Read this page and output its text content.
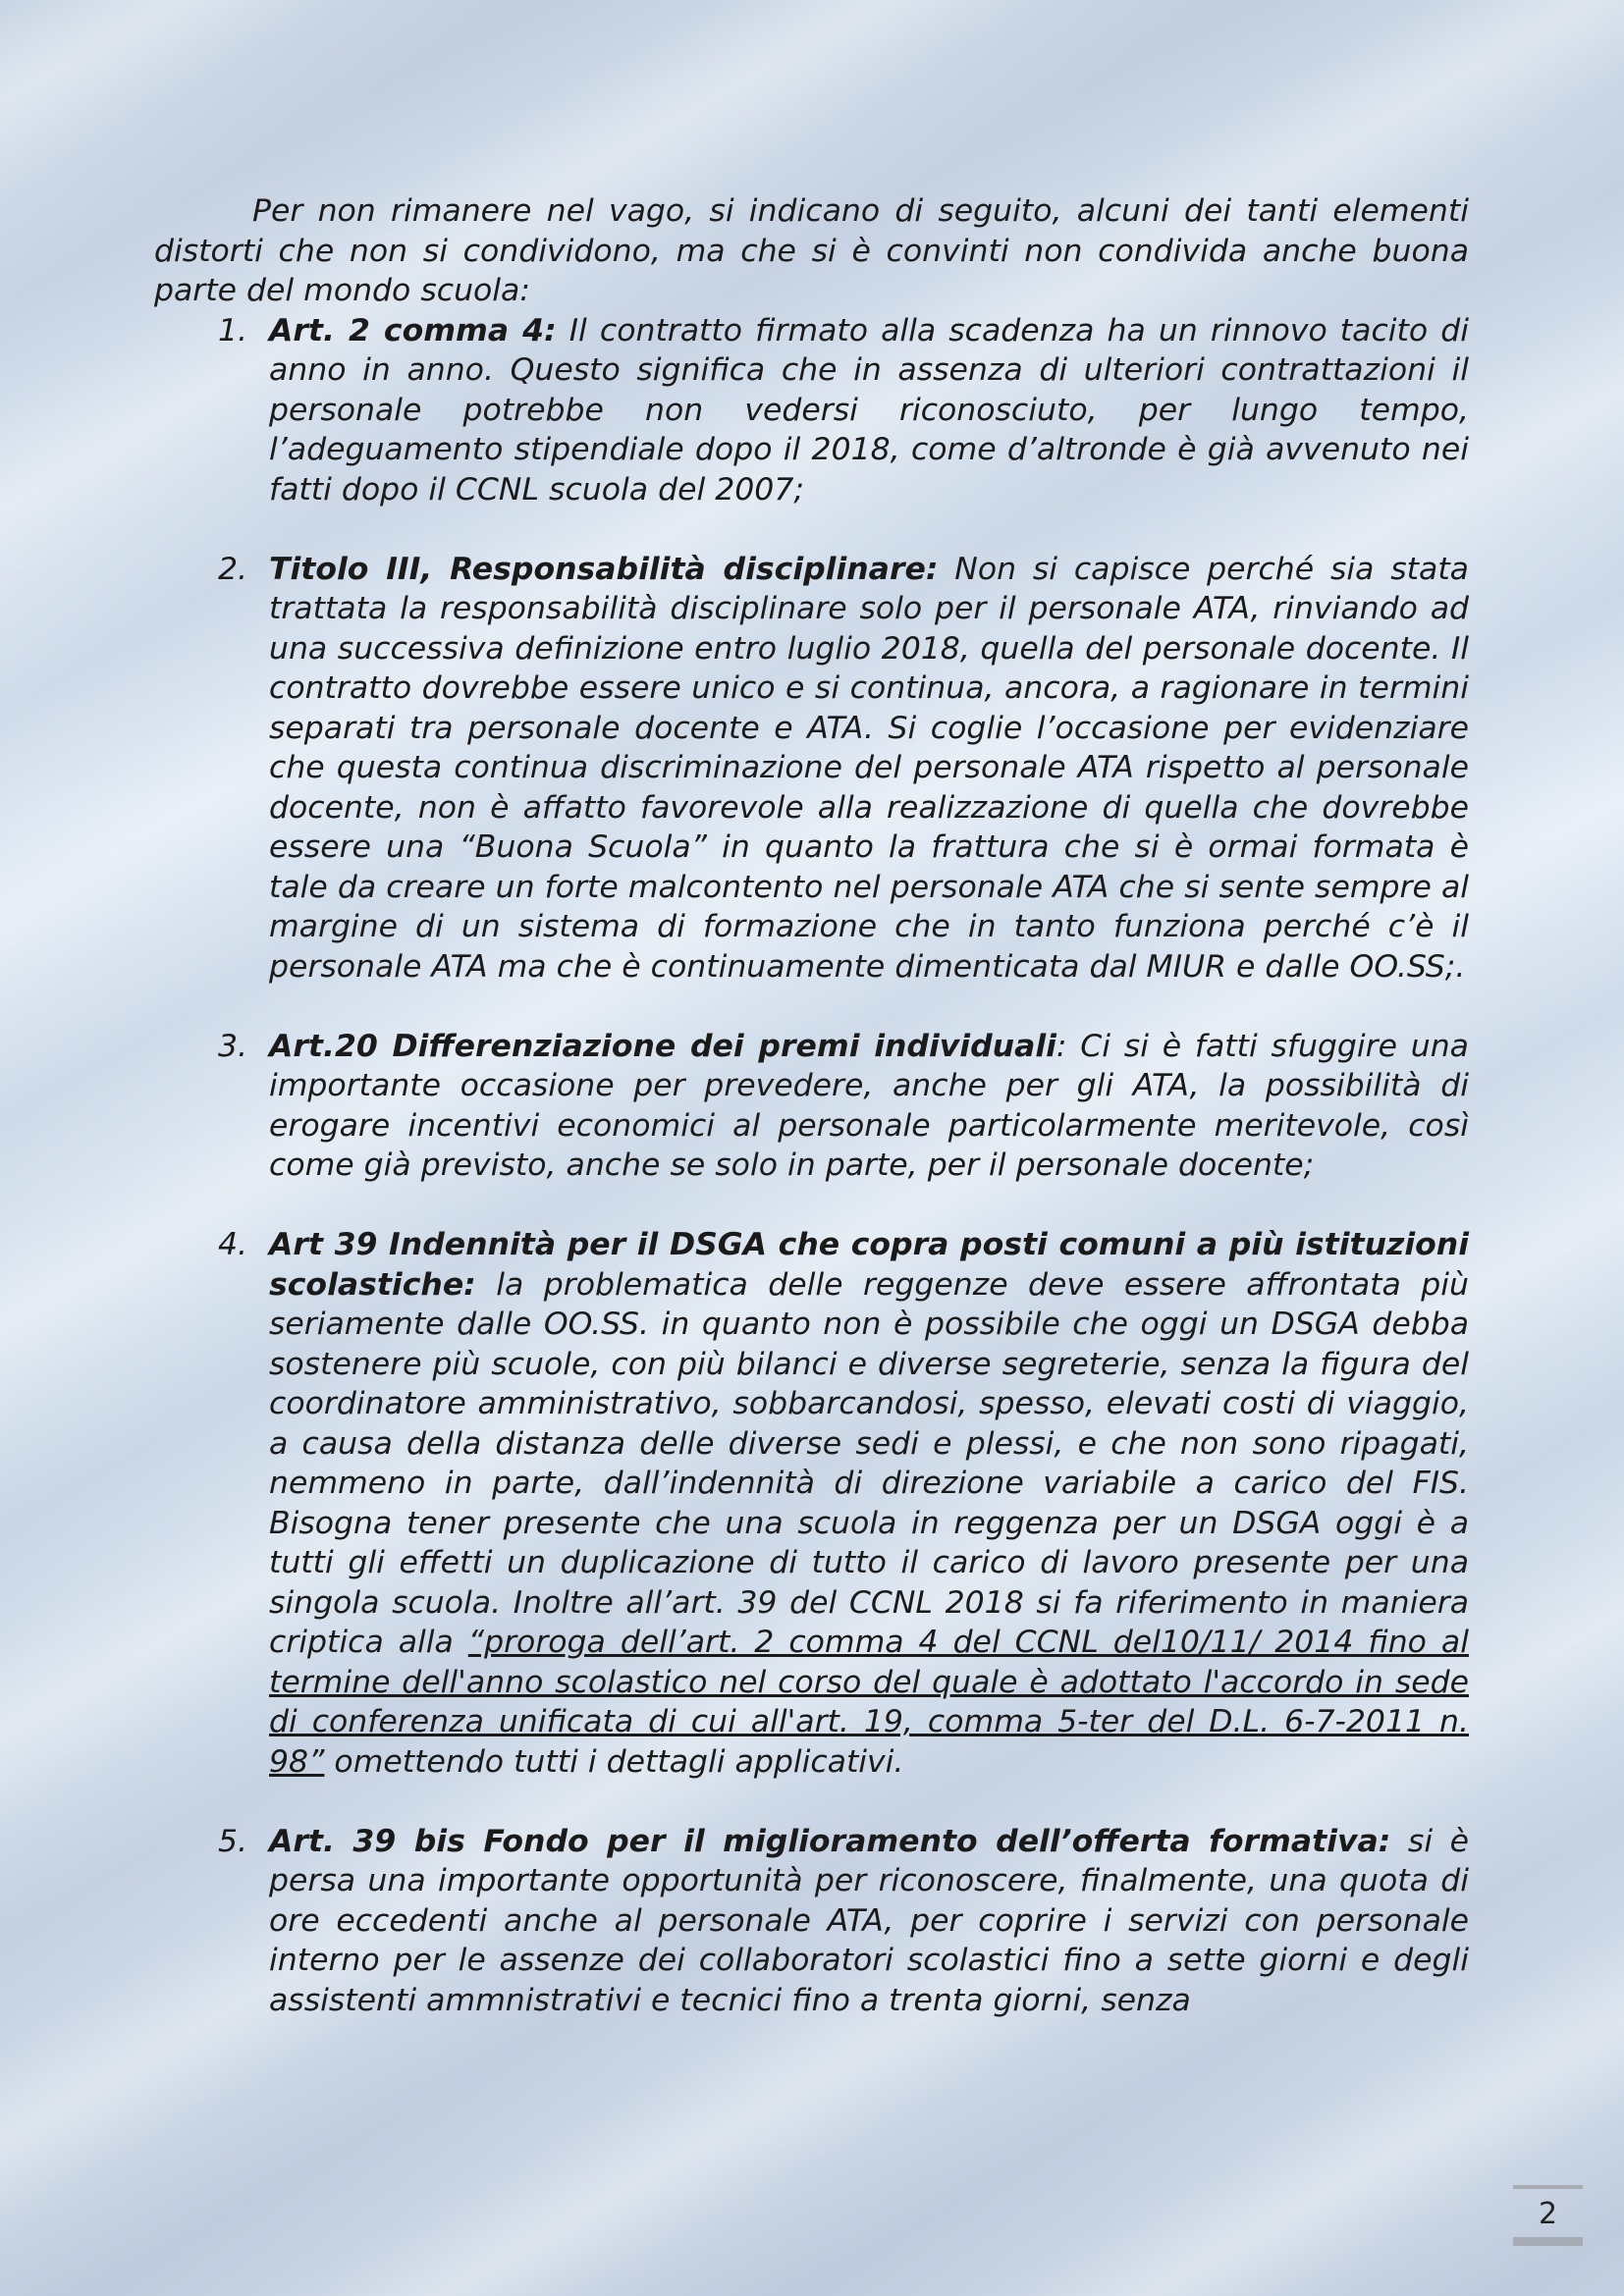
Per non rimanere nel vago, si indicano di seguito, alcuni dei tanti elementi distorti che non si condividono, ma che si è convinti non condivida anche buona parte del mondo scuola:

1. Art. 2 comma 4: Il contratto firmato alla scadenza ha un rinnovo tacito di anno in anno. Questo significa che in assenza di ulteriori contrattazioni il personale potrebbe non vedersi riconosciuto, per lungo tempo, l’adeguamento stipendiale dopo il 2018, come d’altronde è già avvenuto nei fatti dopo il CCNL scuola del 2007;
2. Titolo III, Responsabilità disciplinare: Non si capisce perché sia stata trattata la responsabilità disciplinare solo per il personale ATA, rinviando ad una successiva definizione entro luglio 2018, quella del personale docente. Il contratto dovrebbe essere unico e si continua, ancora, a ragionare in termini separati tra personale docente e ATA. Si coglie l’occasione per evidenziare che questa continua discriminazione del personale ATA rispetto al personale docente, non è affatto favorevole alla realizzazione di quella che dovrebbe essere una “Buona Scuola” in quanto la frattura che si è ormai formata è tale da creare un forte malcontento nel personale ATA che si sente sempre al margine di un sistema di formazione che in tanto funziona perché c’è il personale ATA ma che è continuamente dimenticata dal MIUR e dalle OO.SS;.
3. Art.20 Differenziazione dei premi individuali: Ci si è fatti sfuggire una importante occasione per prevedere, anche per gli ATA, la possibilità di erogare incentivi economici al personale particolarmente meritevole, così come già previsto, anche se solo in parte, per il personale docente;
4. Art 39 Indennità per il DSGA che copra posti comuni a più istituzioni scolastiche: la problematica delle reggenze deve essere affrontata più seriamente dalle OO.SS. in quanto non è possibile che oggi un DSGA debba sostenere più scuole, con più bilanci e diverse segreterie, senza la figura del coordinatore amministrativo, sobbarcandosi, spesso, elevati costi di viaggio, a causa della distanza delle diverse sedi e plessi, e che non sono ripagati, nemmeno in parte, dall’indennità di direzione variabile a carico del FIS. Bisogna tener presente che una scuola in reggenza per un DSGA oggi è a tutti gli effetti un duplicazione di tutto il carico di lavoro presente per una singola scuola. Inoltre all’art. 39 del CCNL 2018 si fa riferimento in maniera criptica alla “proroga dell’art. 2 comma 4 del CCNL del10/11/ 2014 fino al termine dell'anno scolastico nel corso del quale è adottato l'accordo in sede di conferenza unificata di cui all'art. 19, comma 5-ter del D.L. 6-7-2011 n. 98” omettendo tutti i dettagli applicativi.
5. Art. 39 bis Fondo per il miglioramento dell’offerta formativa: si è persa una importante opportunità per riconoscere, finalmente, una quota di ore eccedenti anche al personale ATA, per coprire i servizi con personale interno per le assenze dei collaboratori scolastici fino a sette giorni e degli assistenti ammnistrativi e tecnici fino a trenta giorni, senza
2
